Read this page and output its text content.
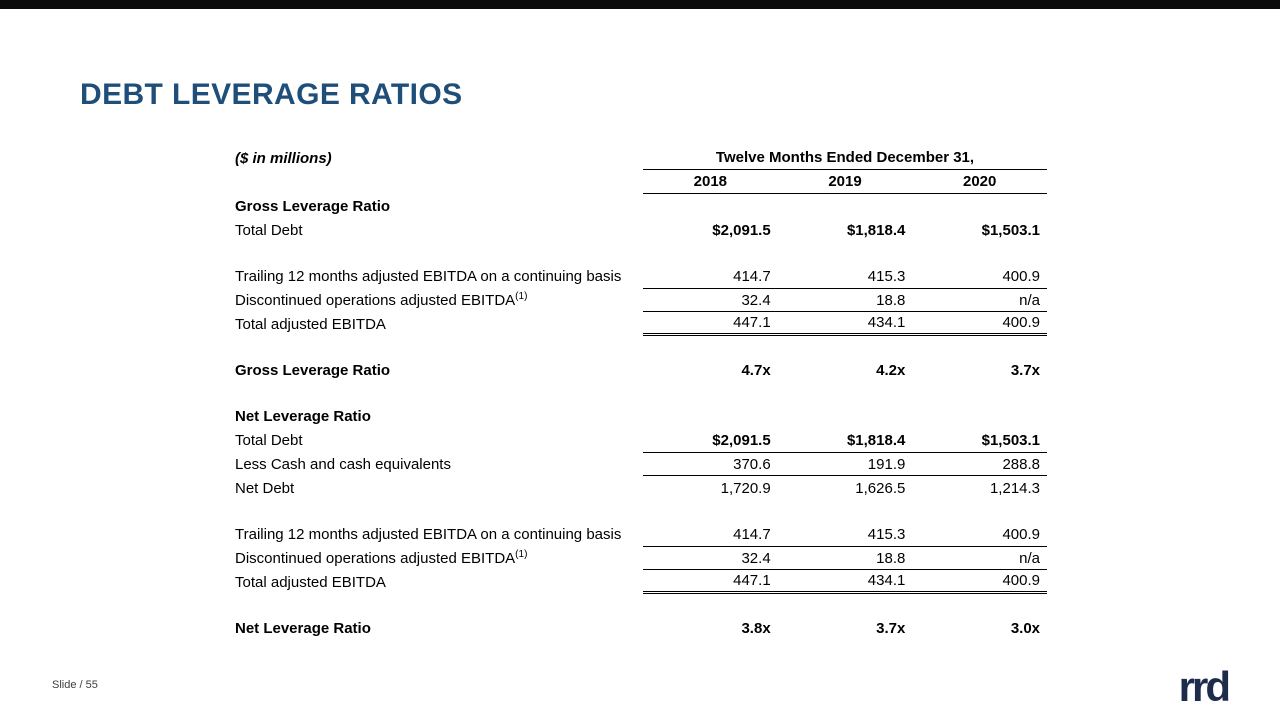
DEBT LEVERAGE RATIOS
($ in millions)	Twelve Months Ended December 31,
2018	2019	2020
Gross Leverage Ratio
Total Debt	$2,091.5	$1,818.4	$1,503.1
Trailing 12 months adjusted EBITDA on a continuing basis	414.7	415.3	400.9
Discontinued operations adjusted EBITDA$^{(1)}$	32.4	18.8	n/a
Total adjusted EBITDA	447.1	434.1	400.9
Gross Leverage Ratio	4.7x	4.2x	3.7x
Net Leverage Ratio
Total Debt	$2,091.5	$1,818.4	$1,503.1
Less Cash and cash equivalents	370.6	191.9	288.8
Net Debt	1,720.9	1,626.5	1,214.3
Trailing 12 months adjusted EBITDA on a continuing basis	414.7	415.3	400.9
Discontinued operations adjusted EBITDA$^{(1)}$	32.4	18.8	n/a
Total adjusted EBITDA	447.1	434.1	400.9
Net Leverage Ratio	3.8x	3.7x	3.0x
Slide / 55	rrd
